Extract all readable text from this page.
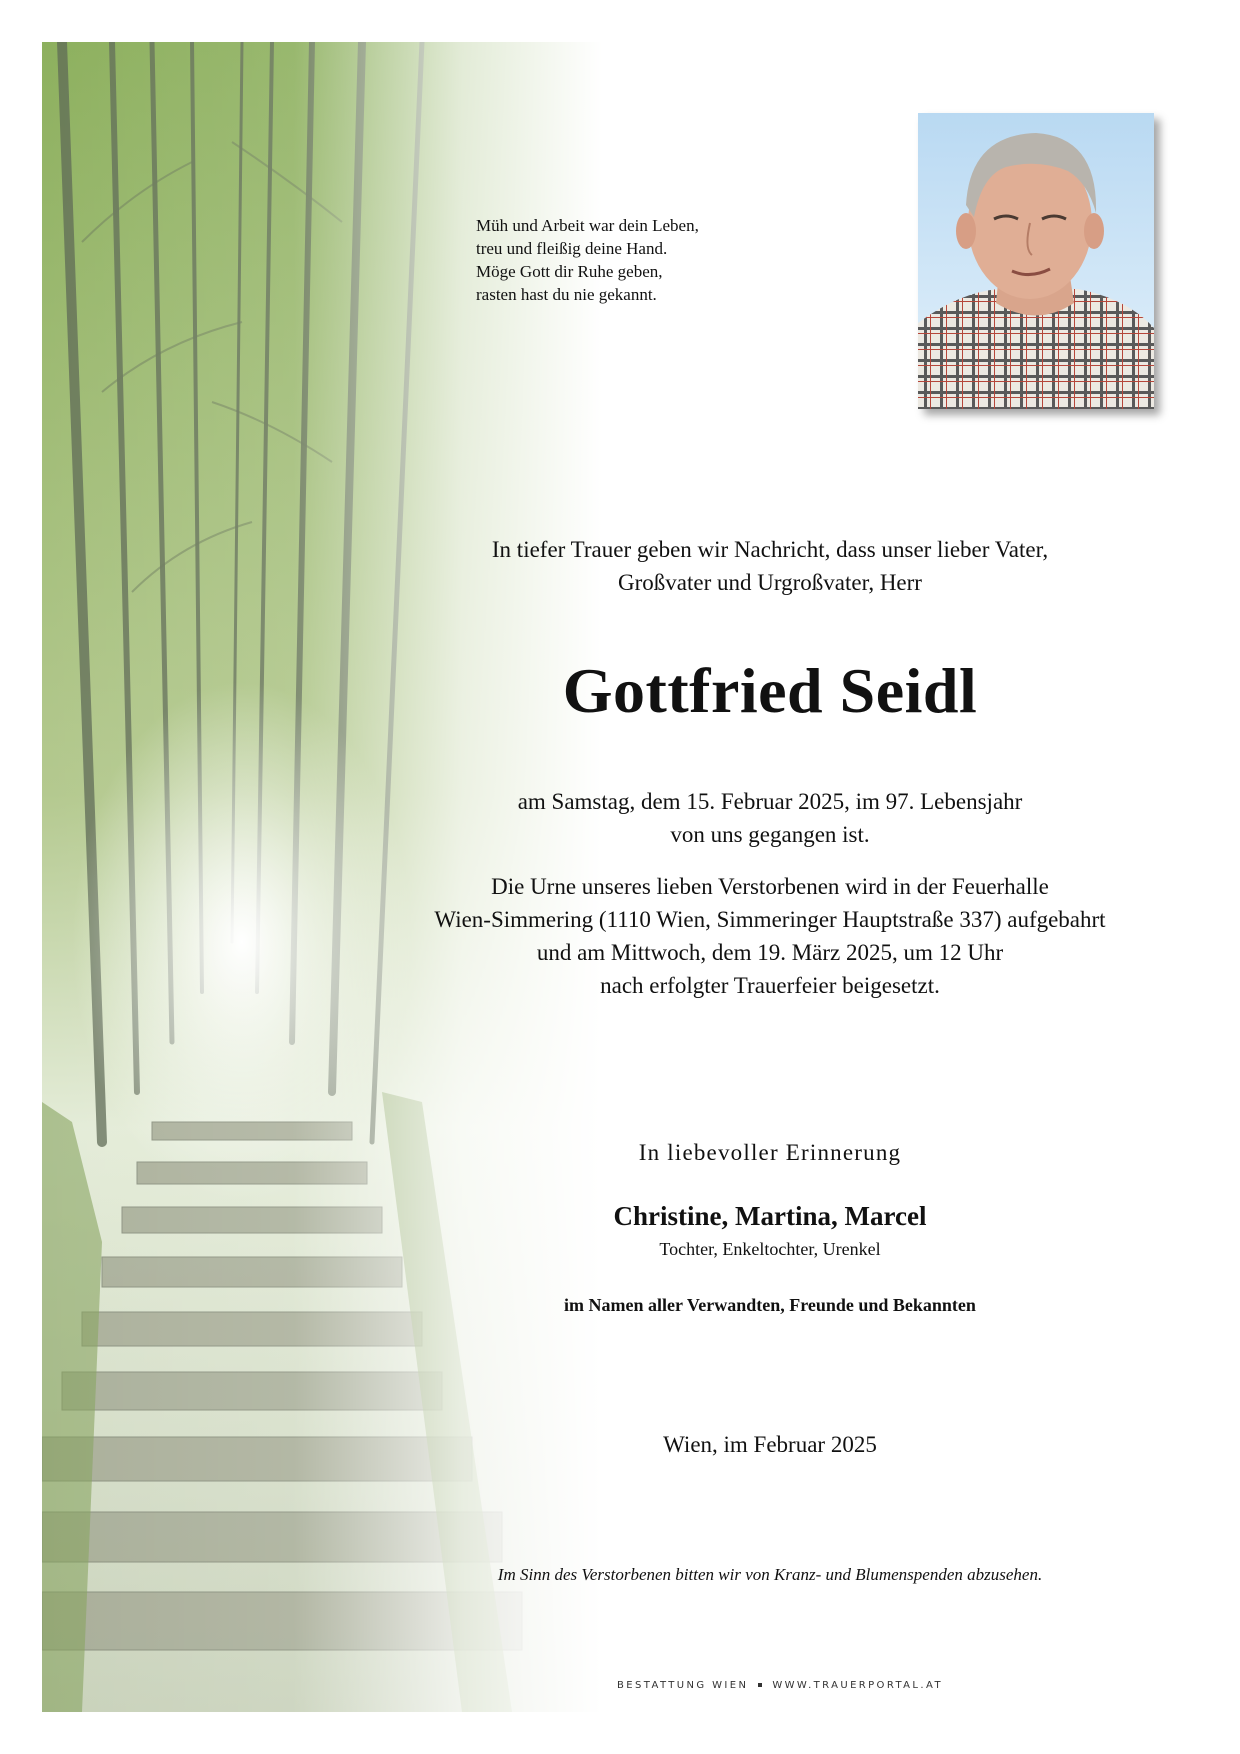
Müh und Arbeit war dein Leben,
treu und fleißig deine Hand.
Möge Gott dir Ruhe geben,
rasten hast du nie gekannt.
In tiefer Trauer geben wir Nachricht, dass unser lieber Vater,
Großvater und Urgroßvater, Herr
Gottfried Seidl
am Samstag, dem 15. Februar 2025, im 97. Lebensjahr
von uns gegangen ist.
Die Urne unseres lieben Verstorbenen wird in der Feuerhalle
Wien-Simmering (1110 Wien, Simmeringer Hauptstraße 337) aufgebahrt
und am Mittwoch, dem 19. März 2025, um 12 Uhr
nach erfolgter Trauerfeier beigesetzt.
In liebevoller Erinnerung
Christine, Martina, Marcel
Tochter, Enkeltochter, Urenkel
im Namen aller Verwandten, Freunde und Bekannten
Wien, im Februar 2025
Im Sinn des Verstorbenen bitten wir von Kranz- und Blumenspenden abzusehen.
BESTATTUNG WIEN WWW.TRAUERPORTAL.AT
